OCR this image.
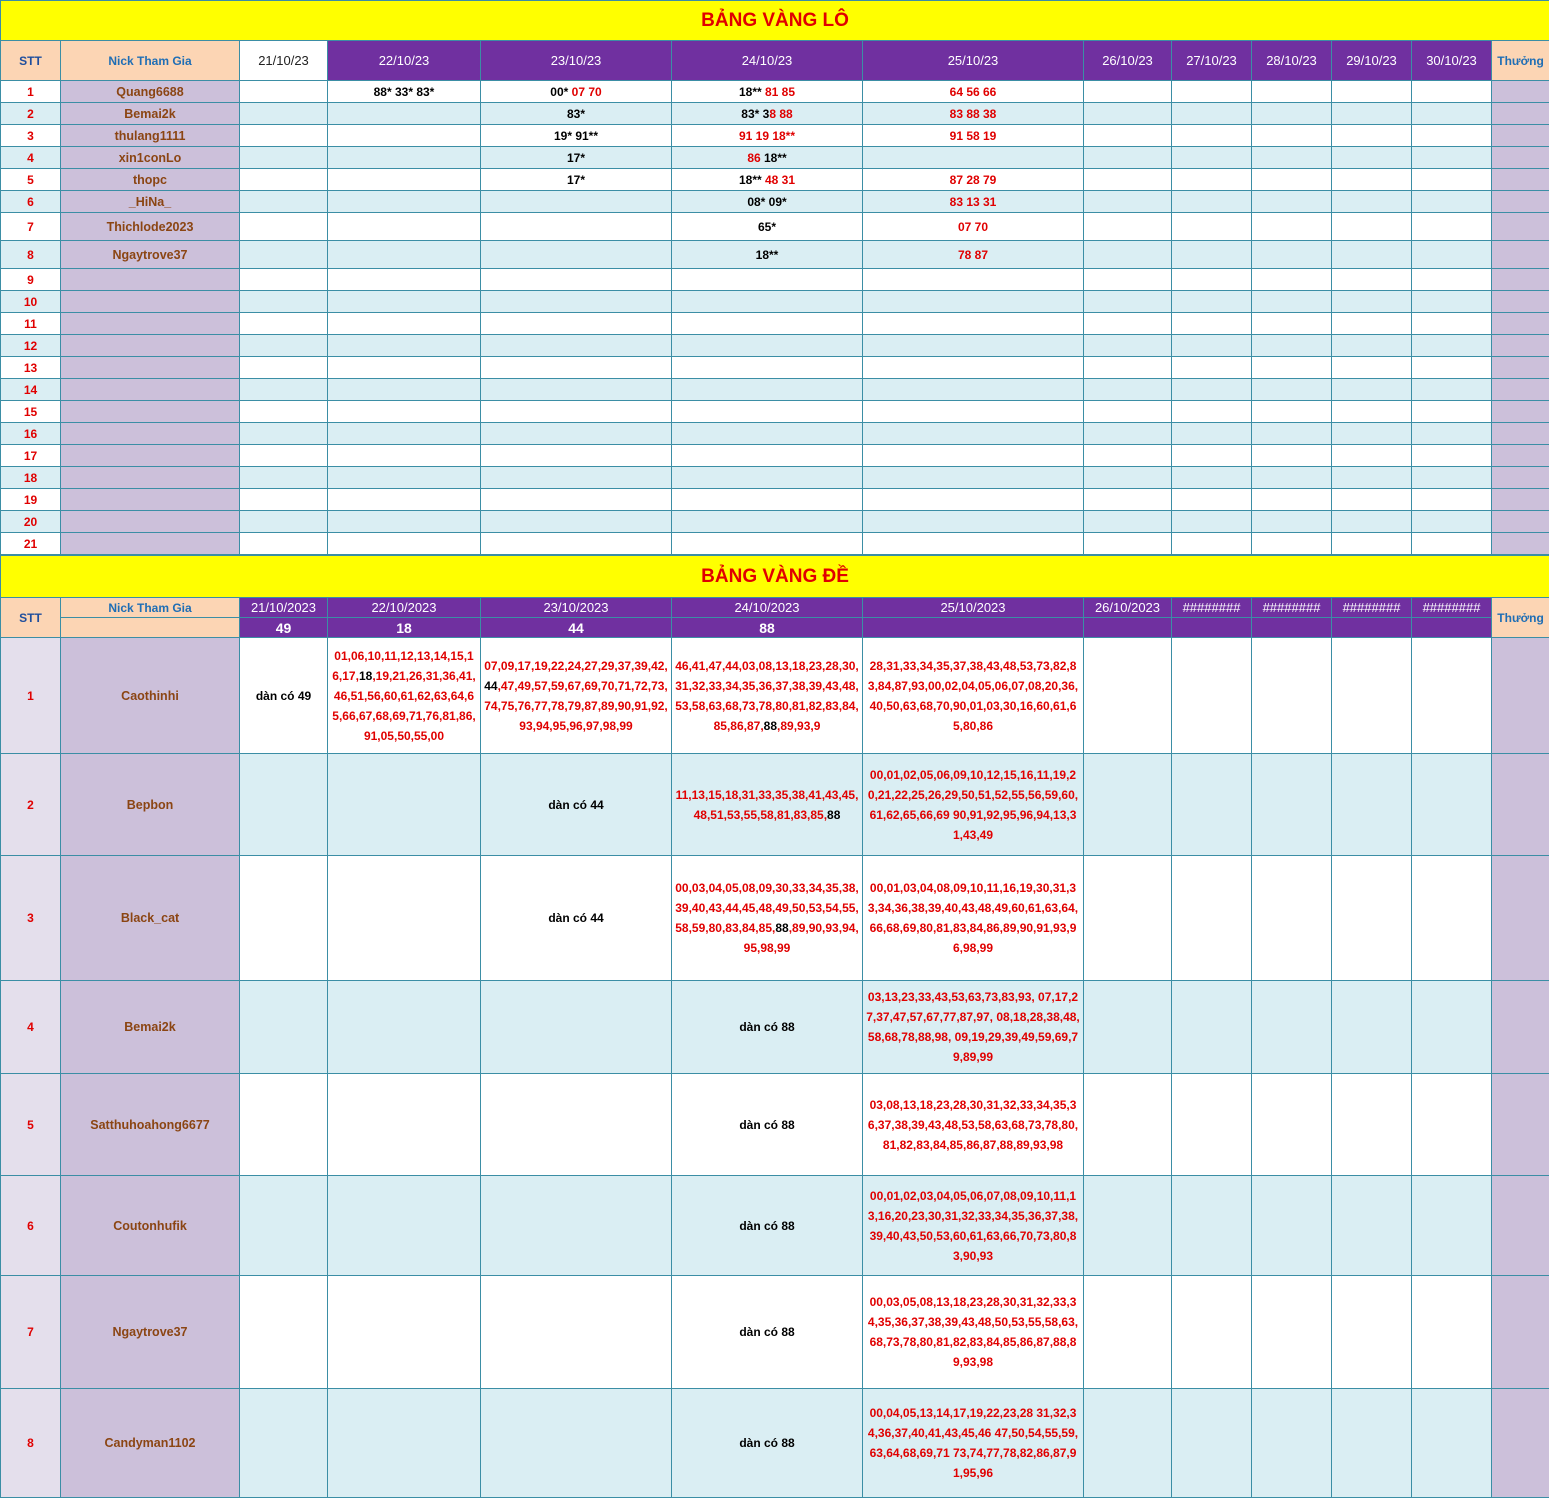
BẢNG VÀNG LÔ												
STT	Nick Tham Gia	21/10/23	22/10/23	23/10/23	24/10/23	25/10/23	26/10/23	27/10/23	28/10/23	29/10/23	30/10/23	Thưởng
1	Quang6688		88* 33* 83*	00* 07 70	18** 81 85	64 56 66						
2	Bemai2k			83*	83* 38 88	83 88 38						
3	thulang1111			19* 91**	91 19 18**	91 58 19						
4	xin1conLo			17*	86 18**							
5	thopc			17*	18** 48 31	87 28 79						
6	_HiNa_				08* 09*	83 13 31						
7	Thichlode2023				65*	07 70						
8	Ngaytrove37				18**	78 87						
9												
10												
11												
12												
13												
14												
15												
16												
17												
18												
19												
20												
21												
BẢNG VÀNG ĐỀ												
STT	Nick Tham Gia	21/10/2023	22/10/2023	23/10/2023	24/10/2023	25/10/2023	26/10/2023	########	########	########	########	Thưởng
		49	18	44	88							
1	Caothinhi	dàn có 49	01,06,10,11,12,13,14,15,16,17,18,19,21,26,31,36,41,46,51,56,60,61,62,63,64,65,66,67,68,69,71,76,81,86,91,05,50,55,00	07,09,17,19,22,24,27,29,37,39,42,44,47,49,57,59,67,69,70,71,72,73,74,75,76,77,78,79,87,89,90,91,92,93,94,95,96,97,98,99	46,41,47,44,03,08,13,18,23,28,30,31,32,33,34,35,36,37,38,39,43,48,53,58,63,68,73,78,80,81,82,83,84,85,86,87,88,89,93,9	28,31,33,34,35,37,38,43,48,53,73,82,83,84,87,93,00,02,04,05,06,07,08,20,36,40,50,63,68,70,90,01,03,30,16,60,61,65,80,86						
2	Bepbon			dàn có 44	11,13,15,18,31,33,35,38,41,43,45,48,51,53,55,58,81,83,85,88	00,01,02,05,06,09,10,12,15,16,11,19,20,21,22,25,26,29,50,51,52,55,56,59,60,61,62,65,66,69 90,91,92,95,96,94,13,31,43,49						
3	Black_cat			dàn có 44	00,03,04,05,08,09,30,33,34,35,38,39,40,43,44,45,48,49,50,53,54,55,58,59,80,83,84,85,88,89,90,93,94,95,98,99	00,01,03,04,08,09,10,11,16,19,30,31,33,34,36,38,39,40,43,48,49,60,61,63,64,66,68,69,80,81,83,84,86,89,90,91,93,96,98,99						
4	Bemai2k				dàn có 88	03,13,23,33,43,53,63,73,83,93, 07,17,27,37,47,57,67,77,87,97, 08,18,28,38,48,58,68,78,88,98, 09,19,29,39,49,59,69,79,89,99						
5	Satthuhoahong6677				dàn có 88	03,08,13,18,23,28,30,31,32,33,34,35,36,37,38,39,43,48,53,58,63,68,73,78,80,81,82,83,84,85,86,87,88,89,93,98						
6	Coutonhufik				dàn có 88	00,01,02,03,04,05,06,07,08,09,10,11,13,16,20,23,30,31,32,33,34,35,36,37,38,39,40,43,50,53,60,61,63,66,70,73,80,83,90,93						
7	Ngaytrove37				dàn có 88	00,03,05,08,13,18,23,28,30,31,32,33,34,35,36,37,38,39,43,48,50,53,55,58,63,68,73,78,80,81,82,83,84,85,86,87,88,89,93,98						
8	Candyman1102				dàn có 88	00,04,05,13,14,17,19,22,23,28 31,32,34,36,37,40,41,43,45,46 47,50,54,55,59,63,64,68,69,71 73,74,77,78,82,86,87,91,95,96						
